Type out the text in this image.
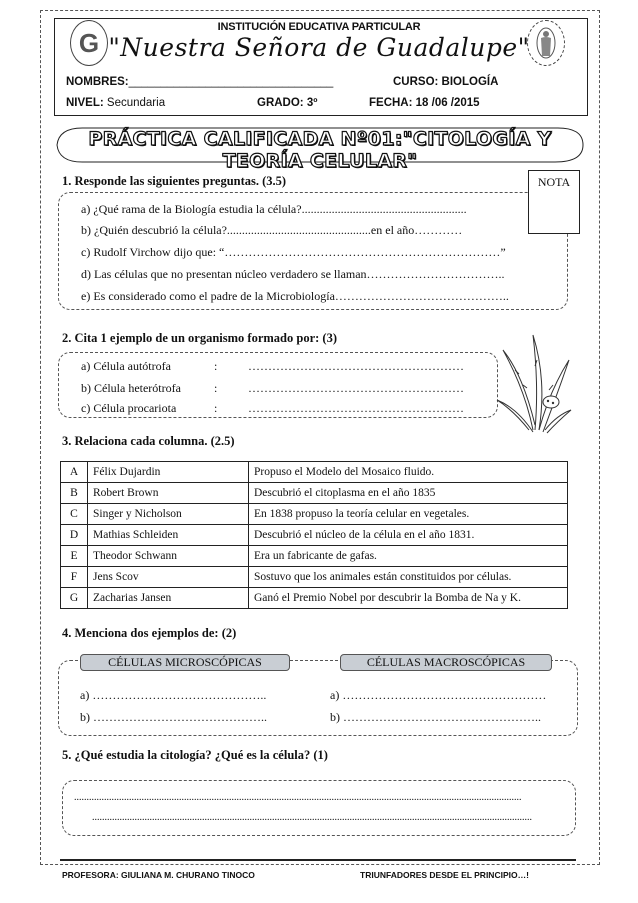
G
INSTITUCIÓN EDUCATIVA PARTICULAR
"Nuestra Señora de Guadalupe"
NOMBRES:________________________________	CURSO: BIOLOGÍA
NIVEL: Secundaria	GRADO: 3º	FECHA: 18 /06 /2015
PRÁCTICA CALIFICADA Nº01:"CITOLOGÍA Y TEORÍA CELULAR"
1. Responde las siguientes preguntas. (3.5)	NOTA
a) ¿Qué rama de la Biología estudia la célula?.......................................................
b) ¿Quién descubrió la célula?................................................en el año…………
c) Rudolf Virchow dijo que: “……………………………………………………………”
d) Las células que no presentan núcleo verdadero se llaman……………………………..
e) Es considerado como el padre de la Microbiología……………………………………..
2. Cita 1 ejemplo de un organismo formado por: (3)
a) Célula autótrofa	:	………………………………………………
b) Célula heterótrofa	:	………………………………………………
c) Célula procariota	:	………………………………………………
3. Relaciona cada columna. (2.5)
A	Félix Dujardin	Propuso el Modelo del Mosaico fluido.
B	Robert Brown	Descubrió el citoplasma en el año 1835
C	Singer y Nicholson	En 1838 propuso la teoría celular en vegetales.
D	Mathias Schleiden	Descubrió el núcleo de la célula en el año 1831.
E	Theodor Schwann	Era un fabricante de gafas.
F	Jens Scov	Sostuvo que los animales están constituidos por células.
G	Zacharias Jansen	Ganó el Premio Nobel por descubrir la Bomba de Na y K.
4. Menciona dos ejemplos de: (2)
CÉLULAS MICROSCÓPICAS	CÉLULAS MACROSCÓPICAS
a) ……………………………………..
b) ……………………………………..
a) ……………………………………………
b) …………………………………………..
5. ¿Qué estudia la citología? ¿Qué es la célula? (1)
...................................................................................................................................................................................
................................................................................................................................................................................
PROFESORA: GIULIANA M. CHURANO TINOCO	TRIUNFADORES DESDE EL PRINCIPIO…!
